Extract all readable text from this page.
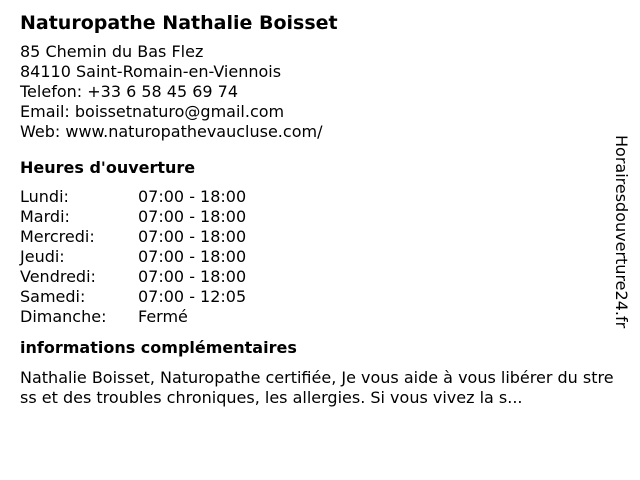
Naturopathe Nathalie Boisset
85 Chemin du Bas Flez
84110 Saint-Romain-en-Viennois
Telefon: +33 6 58 45 69 74
Email: boissetnaturo@gmail.com
Web: www.naturopathevaucluse.com/
Heures d'ouverture
Lundi:	07:00 - 18:00
Mardi:	07:00 - 18:00
Mercredi:	07:00 - 18:00
Jeudi:	07:00 - 18:00
Vendredi:	07:00 - 18:00
Samedi:	07:00 - 12:05
Dimanche: Fermé
informations complémentaires
Nathalie Boisset, Naturopathe certifiée, Je vous aide à vous libérer du stress et des troubles chroniques, les allergies. Si vous vivez la s...
Horairesdouverture24.fr
